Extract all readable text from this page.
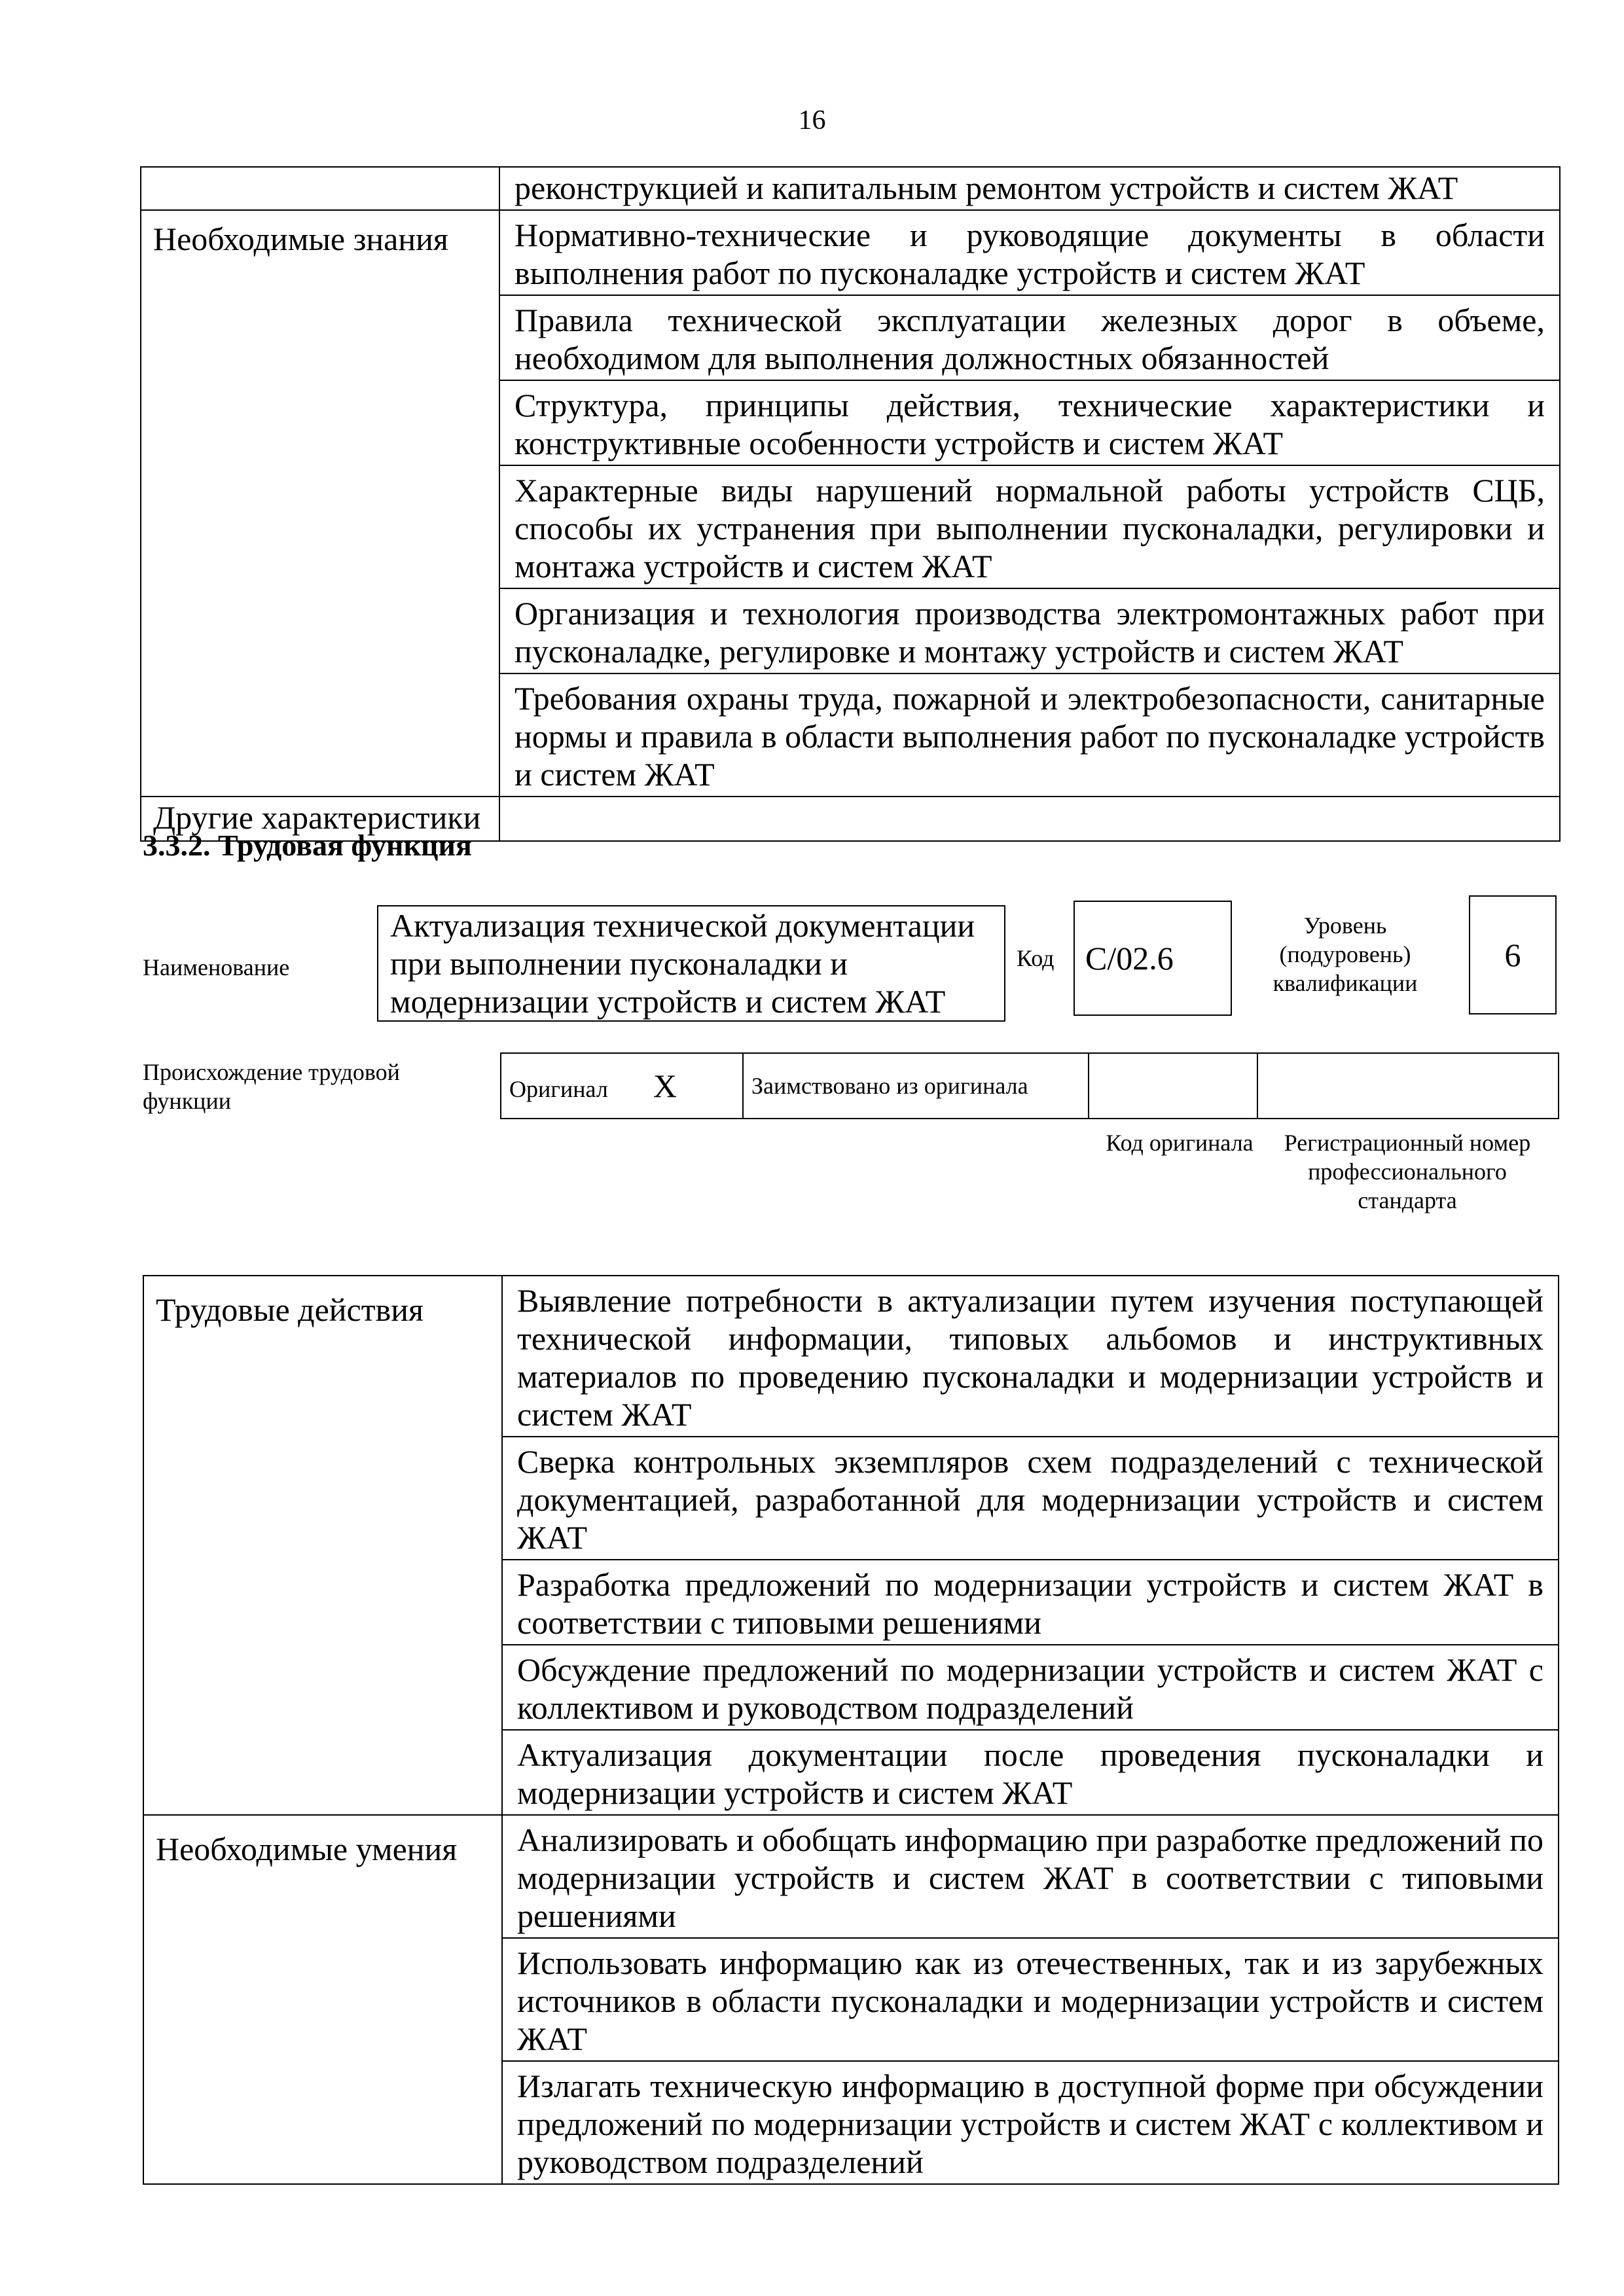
16
	реконструкцией и капитальным ремонтом устройств и систем ЖАТ
Необходимые знания	Нормативно-технические и руководящие документы в области выполнения работ по пусконаладке устройств и систем ЖАТ
	Правила технической эксплуатации железных дорог в объеме, необходимом для выполнения должностных обязанностей
	Структура, принципы действия, технические характеристики и конструктивные особенности устройств и систем ЖАТ
	Характерные виды нарушений нормальной работы устройств СЦБ, способы их устранения при выполнении пусконаладки, регулировки и монтажа устройств и систем ЖАТ
	Организация и технология производства электромонтажных работ при пусконаладке, регулировке и монтажу устройств и систем ЖАТ
	Требования охраны труда, пожарной и электробезопасности, санитарные нормы и правила в области выполнения работ по пусконаладке устройств и систем ЖАТ
Другие характеристики	
3.3.2. Трудовая функция
Наименование
Актуализация технической документации при выполнении пусконаладки и модернизации устройств и систем ЖАТ
Код С/02.6
Уровень (подуровень) квалификации
6
Происхождение трудовой функции	Оригинал Х	Заимствовано из оригинала		
Код оригинала	Регистрационный номер профессионального стандарта
Трудовые действия	Выявление потребности в актуализации путем изучения поступающей технической информации, типовых альбомов и инструктивных материалов по проведению пусконаладки и модернизации устройств и систем ЖАТ
	Сверка контрольных экземпляров схем подразделений с технической документацией, разработанной для модернизации устройств и систем ЖАТ
	Разработка предложений по модернизации устройств и систем ЖАТ в соответствии с типовыми решениями
	Обсуждение предложений по модернизации устройств и систем ЖАТ с коллективом и руководством подразделений
	Актуализация документации после проведения пусконаладки и модернизации устройств и систем ЖАТ
Необходимые умения	Анализировать и обобщать информацию при разработке предложений по модернизации устройств и систем ЖАТ в соответствии с типовыми решениями
	Использовать информацию как из отечественных, так и из зарубежных источников в области пусконаладки и модернизации устройств и систем ЖАТ
	Излагать техническую информацию в доступной форме при обсуждении предложений по модернизации устройств и систем ЖАТ с коллективом и руководством подразделений
